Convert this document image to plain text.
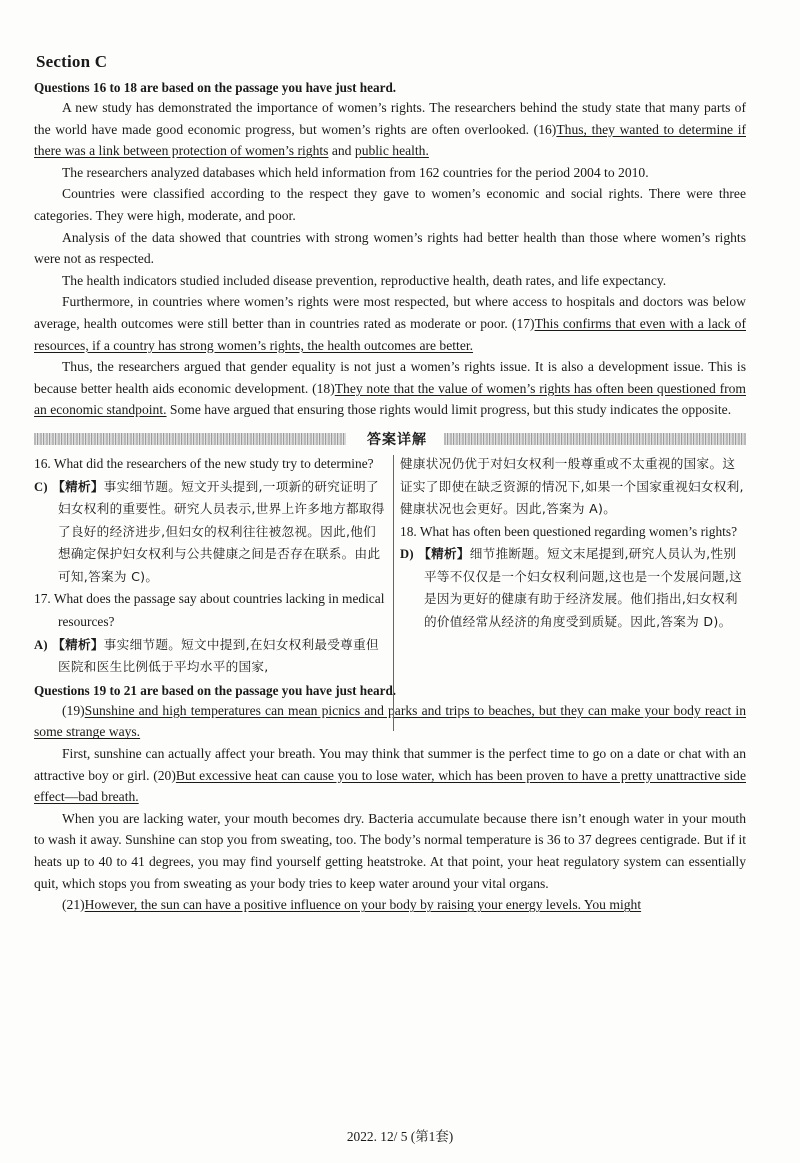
Section C
Questions 16 to 18 are based on the passage you have just heard.

A new study has demonstrated the importance of women’s rights. The researchers behind the study state that many parts of the world have made good economic progress, but women’s rights are often overlooked. (16)Thus, they wanted to determine if there was a link between protection of women’s rights and public health.

The researchers analyzed databases which held information from 162 countries for the period 2004 to 2010.

Countries were classified according to the respect they gave to women’s economic and social rights. There were three categories. They were high, moderate, and poor.

Analysis of the data showed that countries with strong women’s rights had better health than those where women’s rights were not as respected.

The health indicators studied included disease prevention, reproductive health, death rates, and life expectancy.

Furthermore, in countries where women’s rights were most respected, but where access to hospitals and doctors was below average, health outcomes were still better than in countries rated as moderate or poor. (17)This confirms that even with a lack of resources, if a country has strong women’s rights, the health outcomes are better.

Thus, the researchers argued that gender equality is not just a women’s rights issue. It is also a development issue. This is because better health aids economic development. (18)They note that the value of women’s rights has often been questioned from an economic standpoint. Some have argued that ensuring those rights would limit progress, but this study indicates the opposite.

答案详解

16. What did the researchers of the new study try to determine?

C) 【精析】事实细节题。短文开头提到,一项新的研究证明了妇女权利的重要性。研究人员表示,世界上许多地方都取得了良好的经济进步,但妇女的权利往往被忽视。因此,他们想确定保护妇女权利与公共健康之间是否存在联系。由此可知,答案为 C)。

17. What does the passage say about countries lacking in medical resources?

A) 【精析】事实细节题。短文中提到,在妇女权利最受尊重但医院和医生比例低于平均水平的国家,

健康状况仍优于对妇女权利一般尊重或不太重视的国家。这证实了即使在缺乏资源的情况下,如果一个国家重视妇女权利,健康状况也会更好。因此,答案为 A)。

18. What has often been questioned regarding women’s rights?

D) 【精析】细节推断题。短文末尾提到,研究人员认为,性别平等不仅仅是一个妇女权利问题,这也是一个发展问题,这是因为更好的健康有助于经济发展。他们指出,妇女权利的价值经常从经济的角度受到质疑。因此,答案为 D)。

Questions 19 to 21 are based on the passage you have just heard.

(19)Sunshine and high temperatures can mean picnics and parks and trips to beaches, but they can make your body react in some strange ways.

First, sunshine can actually affect your breath. You may think that summer is the perfect time to go on a date or chat with an attractive boy or girl. (20)But excessive heat can cause you to lose water, which has been proven to have a pretty unattractive side effect—bad breath.

When you are lacking water, your mouth becomes dry. Bacteria accumulate because there isn’t enough water in your mouth to wash it away. Sunshine can stop you from sweating, too. The body’s normal temperature is 36 to 37 degrees centigrade. But if it heats up to 40 to 41 degrees, you may find yourself getting heatstroke. At that point, your heat regulatory system can essentially quit, which stops you from sweating as your body tries to keep water around your vital organs.

(21)However, the sun can have a positive influence on your body by raising your energy levels. You might

2022. 12/ 5 (第1套)
